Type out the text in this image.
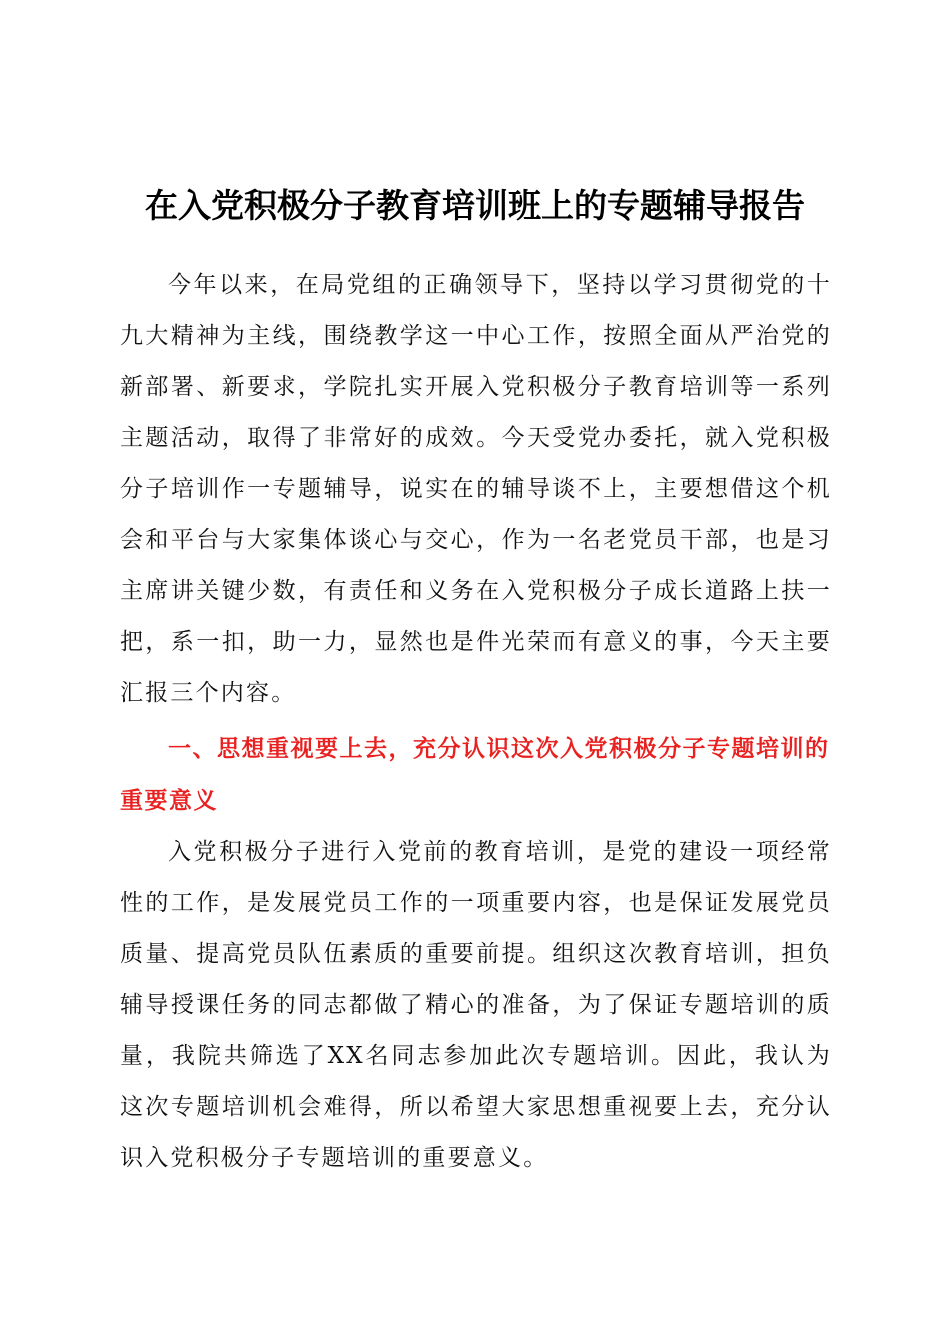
在入党积极分子教育培训班上的专题辅导报告

今年以来，在局党组的正确领导下，坚持以学习贯彻党的十九大精神为主线，围绕教学这一中心工作，按照全面从严治党的新部署、新要求，学院扎实开展入党积极分子教育培训等一系列主题活动，取得了非常好的成效。今天受党办委托，就入党积极分子培训作一专题辅导，说实在的辅导谈不上，主要想借这个机会和平台与大家集体谈心与交心，作为一名老党员干部，也是习主席讲关键少数，有责任和义务在入党积极分子成长道路上扶一把，系一扣，助一力，显然也是件光荣而有意义的事，今天主要汇报三个内容。

一、思想重视要上去，充分认识这次入党积极分子专题培训的重要意义

入党积极分子进行入党前的教育培训，是党的建设一项经常性的工作，是发展党员工作的一项重要内容，也是保证发展党员质量、提高党员队伍素质的重要前提。组织这次教育培训，担负辅导授课任务的同志都做了精心的准备，为了保证专题培训的质量，我院共筛选了XX名同志参加此次专题培训。因此，我认为这次专题培训机会难得，所以希望大家思想重视要上去，充分认识入党积极分子专题培训的重要意义。
